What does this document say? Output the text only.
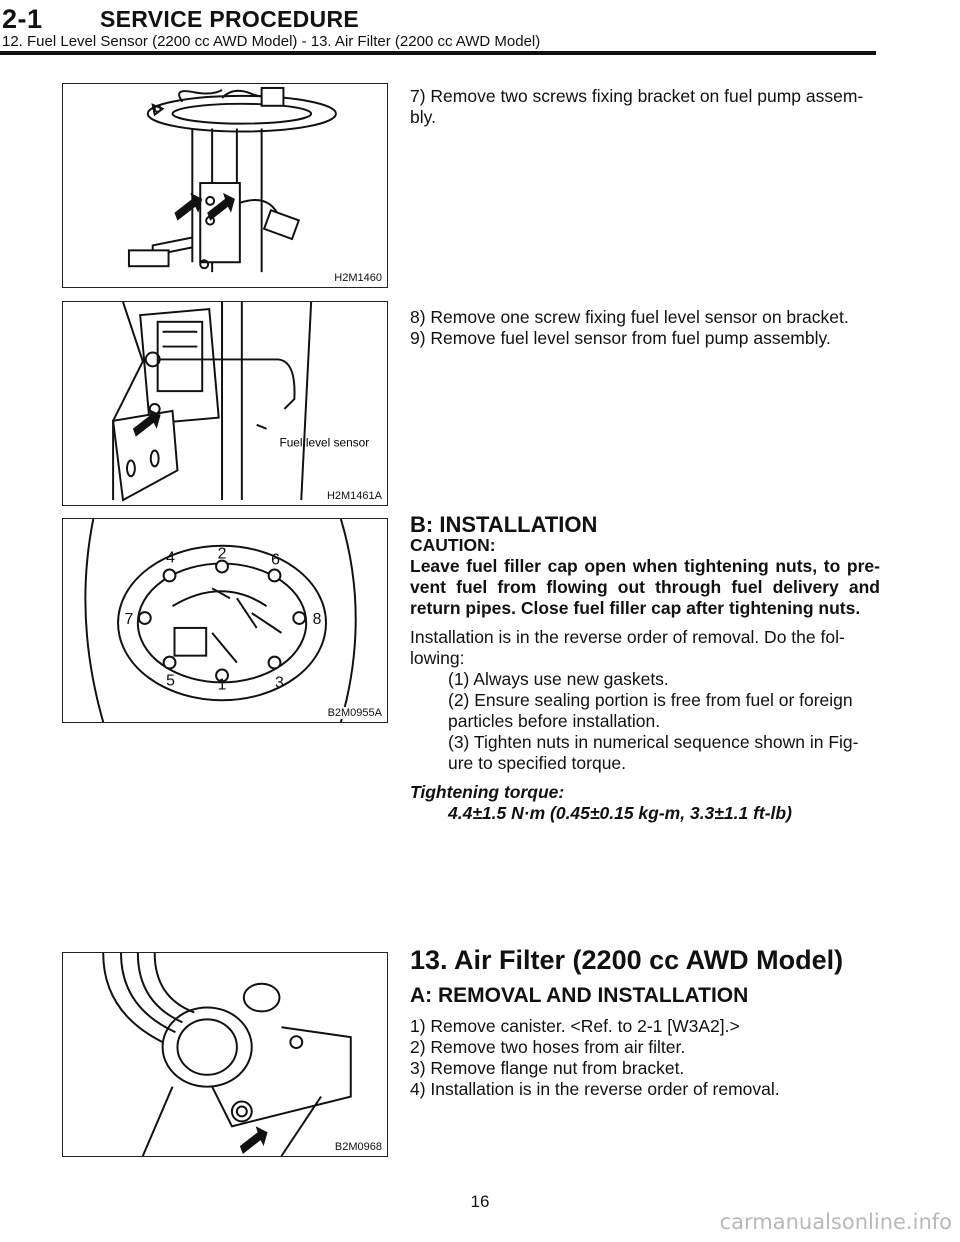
2-1 SERVICE PROCEDURE
12. Fuel Level Sensor (2200 cc AWD Model) - 13. Air Filter (2200 cc AWD Model)
H2M1460
Fuel level sensor
H2M1461A
1
2
3
4
5
6
7	8
B2M0955A
B2M0968

7) Remove two screws fixing bracket on fuel pump assem-bly.

8) Remove one screw fixing fuel level sensor on bracket.

9) Remove fuel level sensor from fuel pump assembly.

B: INSTALLATION

CAUTION:

Leave fuel filler cap open when tightening nuts, to pre-vent fuel from flowing out through fuel delivery and return pipes. Close fuel filler cap after tightening nuts.

Installation is in the reverse order of removal. Do the fol-lowing:

(1) Always use new gaskets.

(2) Ensure sealing portion is free from fuel or foreign particles before installation.

(3) Tighten nuts in numerical sequence shown in Fig-ure to specified torque.

Tightening torque:

4.4±1.5 N·m (0.45±0.15 kg-m, 3.3±1.1 ft-lb)

13. Air Filter (2200 cc AWD Model)

A: REMOVAL AND INSTALLATION

1) Remove canister. <Ref. to 2-1 [W3A2].>

2) Remove two hoses from air filter.

3) Remove flange nut from bracket.

4) Installation is in the reverse order of removal.

16
carmanualsonline.info
